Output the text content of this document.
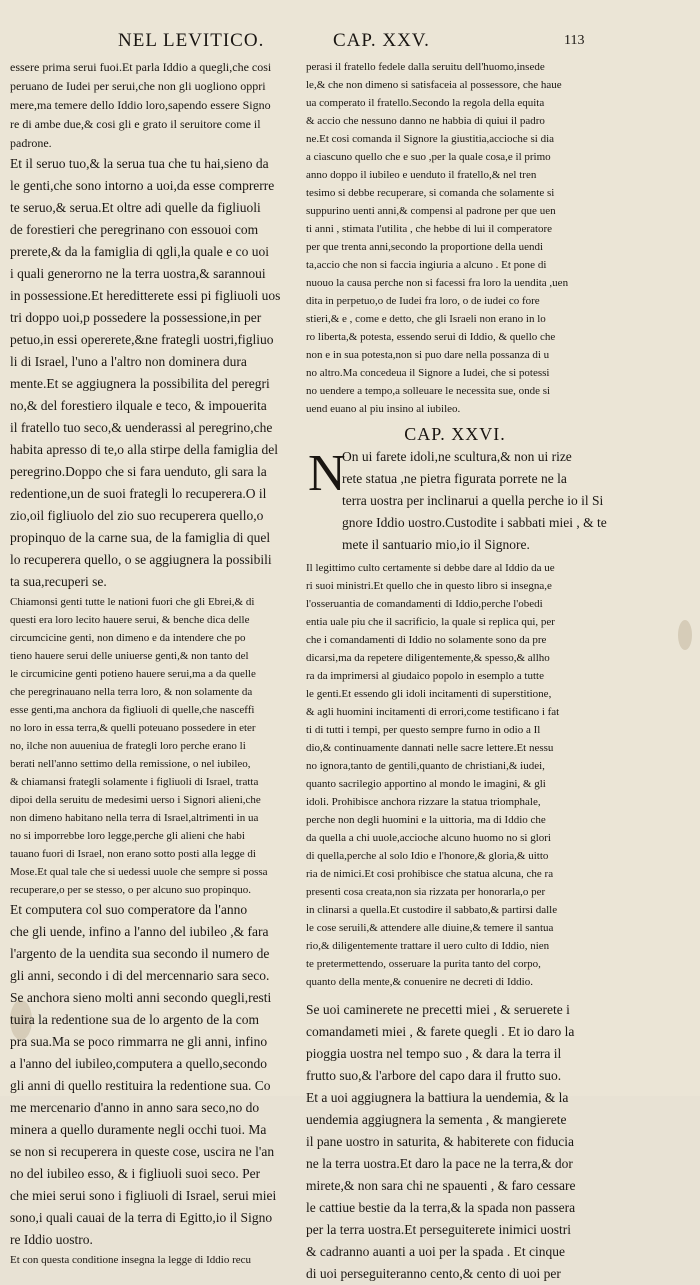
NEL LEVITICO.	CAP. XXV.	113
essere prima serui fuoi.Et parla Iddio a quegli,che cosi
peruano de Iudei per serui,che non gli uogliono oppri
mere,ma temere dello Iddio loro,sapendo essere Signo
re di ambe due,& cosi gli e grato il seruitore come il
padrone.
Et il seruo tuo,& la serua tua che tu hai,sieno da
le genti,che sono intorno a uoi,da esse comprerre
te seruo,& serua.Et oltre adi quelle da figliuoli
de forestieri che peregrinano con essouoi com
prerete,& da la famiglia di qgli,la quale e co uoi
i quali generorno ne la terra uostra,& sarannoui
in possessione.Et hereditterete essi pi figliuoli uos
tri doppo uoi,p possedere la possessione,in per
petuo,in essi opererete,&ne frategli uostri,figliuo
li di Israel, l'uno a l'altro non dominera dura
mente.Et se aggiugnera la possibilita del peregri
no,& del forestiero ilquale e teco, & impouerita
il fratello tuo seco,& uenderassi al peregrino,che
habita apresso di te,o alla stirpe della famiglia del
peregrino.Doppo che si fara uenduto, gli sara la
redentione,un de suoi frategli lo recuperera.O il
zio,oil figliuolo del zio suo recuperera quello,o
propinquo de la carne sua, de la famiglia di quel
lo recuperera quello, o se aggiugnera la possibili
ta sua,recuperi se.
Chiamonsi genti tutte le nationi fuori che gli Ebrei,& di
questi era loro lecito hauere serui, & benche dica delle
circumcicine genti, non dimeno e da intendere che po
tieno hauere serui delle uniuerse genti,& non tanto del
le circumicine genti potieno hauere serui,ma a da quelle
che peregrinauano nella terra loro, & non solamente da
esse genti,ma anchora da figliuoli di quelle,che nasceffi
no loro in essa terra,& quelli poteuano possedere in eter
no, ilche non auueniua de frategli loro perche erano li
berati nell'anno settimo della remissione, o nel iubileo,
& chiamansi frategli solamente i figliuoli di Israel, tratta
dipoi della seruitu de medesimi uerso i Signori alieni,che
non dimeno habitano nella terra di Israel,altrimenti in ua
no si imporrebbe loro legge,perche gli alieni che habi
tauano fuori di Israel, non erano sotto posti alla legge di
Mose.Et qual tale che si uedessi uuole che sempre si possa
recuperare,o per se stesso, o per alcuno suo propinquo.
Et computera col suo comperatore da l'anno
che gli uende, infino a l'anno del iubileo ,& fara
l'argento de la uendita sua secondo il numero de
gli anni, secondo i di del mercennario sara seco.
Se anchora sieno molti anni secondo quegli,resti
tuira la redentione sua de lo argento de la com
pra sua.Ma se poco rimmarra ne gli anni, infino
a l'anno del iubileo,computera a quello,secondo
gli anni di quello restituira la redentione sua. Co
me mercenario d'anno in anno sara seco,no do
minera a quello duramente negli occhi tuoi. Ma
se non si recuperera in queste cose, uscira ne l'an
no del iubileo esso, & i figliuoli suoi seco. Per
che miei serui sono i figliuoli di Israel, serui miei
sono,i quali cauai de la terra di Egitto,io il Signo
re Iddio uostro.
Et con questa conditione insegna la legge di Iddio recu
perasi il fratello fedele dalla seruitu dell'huomo,insede
le,& che non dimeno si satisfaceia al possessore, che haue
ua comperato il fratello.Secondo la regola della equita
& accio che nessuno danno ne habbia di quiui il padro
ne.Et cosi comanda il Signore la giustitia,accioche si dia
a ciascuno quello che e suo ,per la quale cosa,e il primo
anno doppo il iubileo e uenduto il fratello,& nel tren
tesimo si debbe recuperare, si comanda che solamente si
suppurino uenti anni,& compensi al padrone per que uen
ti anni , stimata l'utilita , che hebbe di lui il comperatore
per que trenta anni,secondo la proportione della uendi
ta,accio che non si faccia ingiuria a alcuno . Et pone di
nuouo la causa perche non si facessi fra loro la uendita ,uen
dita in perpetuo,o de Iudei fra loro, o de iudei co fore
stieri,& e , come e detto, che gli Israeli non erano in lo
ro liberta,& potesta, essendo serui di Iddio, & quello che
non e in sua potesta,non si puo dare nella possanza di u
no altro.Ma concedeua il Signore a Iudei, che si potessi
no uendere a tempo,a solleuare le necessita sue, onde si
uend euano al piu insino al iubileo.
CAP. XXVI.
N
On ui farete idoli,ne scultura,& non ui rize
rete statua ,ne pietra figurata porrete ne la
terra uostra per inclinarui a quella perche io il Si
gnore Iddio uostro.Custodite i sabbati miei , & te
mete il santuario mio,io il Signore.
Il legittimo culto certamente si debbe dare al Iddio da ue
ri suoi ministri.Et quello che in questo libro si insegna,e
l'osseruantia de comandamenti di Iddio,perche l'obedi
entia uale piu che il sacrificio, la quale si replica qui, per
che i comandamenti di Iddio no solamente sono da pre
dicarsi,ma da repetere diligentemente,& spesso,& allho
ra da imprimersi al giudaico popolo in esemplo a tutte
le genti.Et essendo gli idoli incitamenti di superstitione,
& agli huomini incitamenti di errori,come testificano i fat
ti di tutti i tempi, per questo sempre furno in odio a Il
dio,& continuamente dannati nelle sacre lettere.Et nessu
no ignora,tanto de gentili,quanto de christiani,& iudei,
quanto sacrilegio apportino al mondo le imagini, & gli
idoli. Prohibisce anchora rizzare la statua triomphale,
perche non degli huomini e la uittoria, ma di Iddio che
da quella a chi uuole,accioche alcuno huomo no si glori
di quella,perche al solo Idio e l'honore,& gloria,& uitto
ria de nimici.Et cosi prohibisce che statua alcuna, che ra
presenti cosa creata,non sia rizzata per honorarla,o per
in clinarsi a quella.Et custodire il sabbato,& partirsi dalle
le cose seruili,& attendere alle diuine,& temere il santua
rio,& diligentemente trattare il uero culto di Iddio, nien
te pretermettendo, osseruare la purita tanto del corpo,
quanto della mente,& conuenire ne decreti di Iddio.
Se uoi caminerete ne precetti miei , & seruerete i
comandameti miei , & farete quegli . Et io daro la
pioggia uostra nel tempo suo , & dara la terra il
frutto suo,& l'arbore del capo dara il frutto suo.
Et a uoi aggiugnera la battiura la uendemia, & la
uendemia aggiugnera la sementa , & mangierete
il pane uostro in saturita, & habiterete con fiducia
ne la terra uostra.Et daro la pace ne la terra,& dor
mirete,& non sara chi ne spauenti , & faro cessare
le cattiue bestie da la terra,& la spada non passera
per la terra uostra.Et perseguiterete inimici uostri
& cadranno auanti a uoi per la spada . Et cinque
di uoi perseguiteranno cento,& cento di uoi per
